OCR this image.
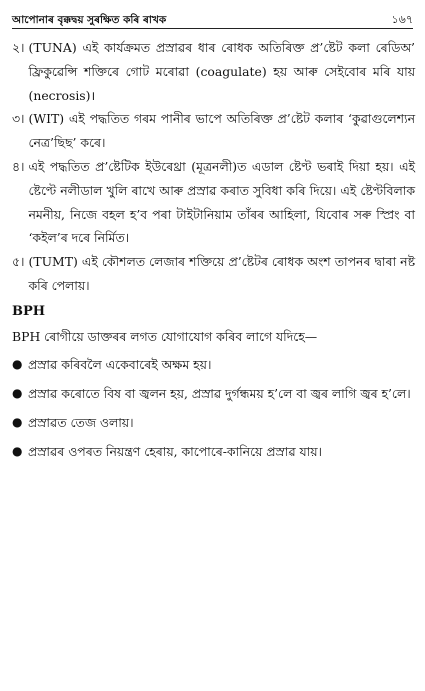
আপোনাৰ বৃক্কদ্বয় সুৰক্ষিত কৰি ৰাখক	১৬৭
২। (TUNA) এই কাৰ্যক্ৰমত প্ৰস্ৰাৱৰ ধাৰ ৰোধক অতিৰিক্ত প্ৰ’ষ্টেট কলা ৰেডিঅ’ ফ্ৰিকুৱেন্সি শক্তিৰে গোট মৰোৱা (coagulate) হয় আৰু সেইবোৰ মৰি যায় (necrosis)।
৩। (WIT) এই পদ্ধতিত গৰম পানীৰ ভাপে অতিৰিক্ত প্ৰ’ষ্টেট কলাৰ ‘কুৱাগুলেশ্যন নেত্ৰ’ছিছ’ কৰে।
৪। এই পদ্ধতিত প্ৰ’ষ্টেটিক ইউৰেথ্ৰা (মূত্ৰনলী)ত এডাল ষ্টেণ্ট ভৰাই দিয়া হয়। এই ষ্টেণ্টে নলীডাল খুলি ৰাখে আৰু প্ৰস্ৰাৱ কৰাত সুবিধা কৰি দিয়ে। এই ষ্টেণ্টবিলাক নমনীয়, নিজে বহল হ’ব পৰা টাইটানিয়াম তাঁৰৰ আহিলা, যিবোৰ সৰু স্প্ৰিং বা ‘কইল’ৰ দৰে নিৰ্মিত।
৫। (TUMT) এই কৌশলত লেজাৰ শক্তিয়ে প্ৰ’ষ্টেটৰ ৰোধক অংশ তাপনৰ দ্বাৰা নষ্ট কৰি পেলায়।
BPH
BPH ৰোগীয়ে ডাক্তৰৰ লগত যোগাযোগ কৰিব লাগে যদিহে—
● প্ৰস্ৰাৱ কৰিবলৈ একেবাৰেই অক্ষম হয়।
● প্ৰস্ৰাৱ কৰোতে বিষ বা জ্বলন হয়, প্ৰস্ৰাৱ দুৰ্গন্ধময় হ’লে বা জ্বৰ লাগি জ্বৰ হ’লে।
● প্ৰস্ৰাৱত তেজ ওলায়।
● প্ৰস্ৰাৱৰ ওপৰত নিয়ন্ত্ৰণ হেৰায়, কাপোৰে-কানিয়ে প্ৰস্ৰাৱ যায়।
